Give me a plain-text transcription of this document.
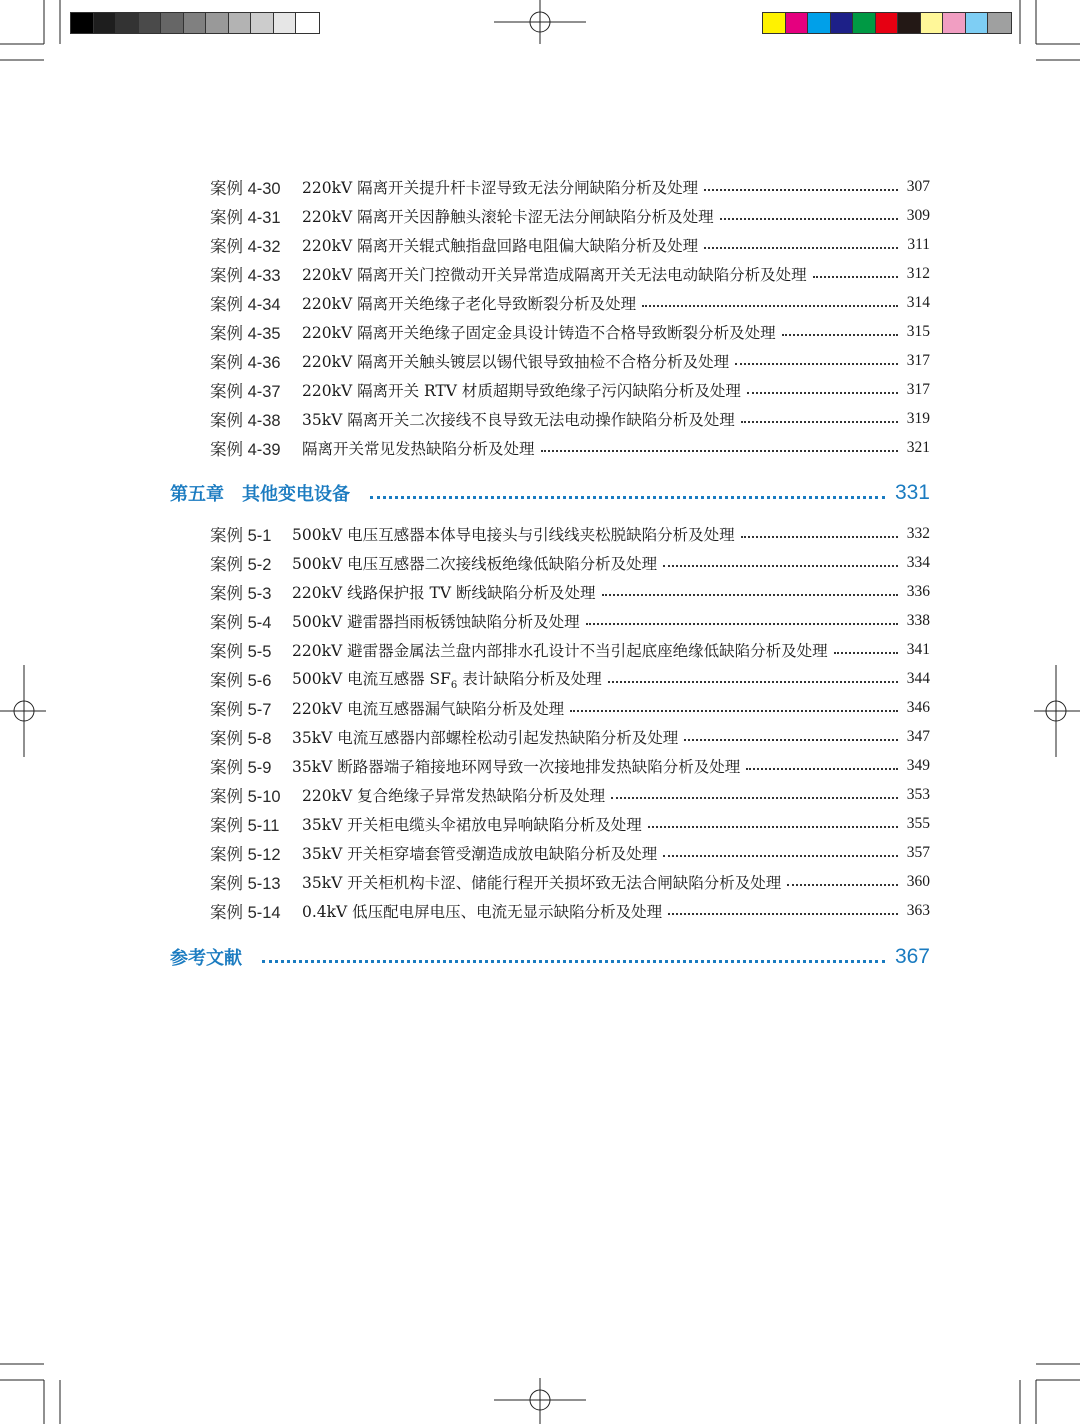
案例 4-30	220kV 隔离开关提升杆卡涩导致无法分闸缺陷分析及处理	307
案例 4-31	220kV 隔离开关因静触头滚轮卡涩无法分闸缺陷分析及处理	309
案例 4-32	220kV 隔离开关辊式触指盘回路电阻偏大缺陷分析及处理	311
案例 4-33	220kV 隔离开关门控微动开关异常造成隔离开关无法电动缺陷分析及处理	312
案例 4-34	220kV 隔离开关绝缘子老化导致断裂分析及处理	314
案例 4-35	220kV 隔离开关绝缘子固定金具设计铸造不合格导致断裂分析及处理	315
案例 4-36	220kV 隔离开关触头镀层以锡代银导致抽检不合格分析及处理	317
案例 4-37	220kV 隔离开关 RTV 材质超期导致绝缘子污闪缺陷分析及处理	317
案例 4-38	35kV 隔离开关二次接线不良导致无法电动操作缺陷分析及处理	319
案例 4-39	隔离开关常见发热缺陷分析及处理	321
第五章　其他变电设备	331
案例 5-1	500kV 电压互感器本体导电接头与引线线夹松脱缺陷分析及处理	332
案例 5-2	500kV 电压互感器二次接线板绝缘低缺陷分析及处理	334
案例 5-3	220kV 线路保护报 TV 断线缺陷分析及处理	336
案例 5-4	500kV 避雷器挡雨板锈蚀缺陷分析及处理	338
案例 5-5	220kV 避雷器金属法兰盘内部排水孔设计不当引起底座绝缘低缺陷分析及处理	341
案例 5-6	500kV 电流互感器 $SF_6$ 表计缺陷分析及处理	344
案例 5-7	220kV 电流互感器漏气缺陷分析及处理	346
案例 5-8	35kV 电流互感器内部螺栓松动引起发热缺陷分析及处理	347
案例 5-9	35kV 断路器端子箱接地环网导致一次接地排发热缺陷分析及处理	349
案例 5-10	220kV 复合绝缘子异常发热缺陷分析及处理	353
案例 5-11	35kV 开关柜电缆头伞裙放电异响缺陷分析及处理	355
案例 5-12	35kV 开关柜穿墙套管受潮造成放电缺陷分析及处理	357
案例 5-13	35kV 开关柜机构卡涩、储能行程开关损坏致无法合闸缺陷分析及处理	360
案例 5-14	0.4kV 低压配电屏电压、电流无显示缺陷分析及处理	363
参考文献	367
